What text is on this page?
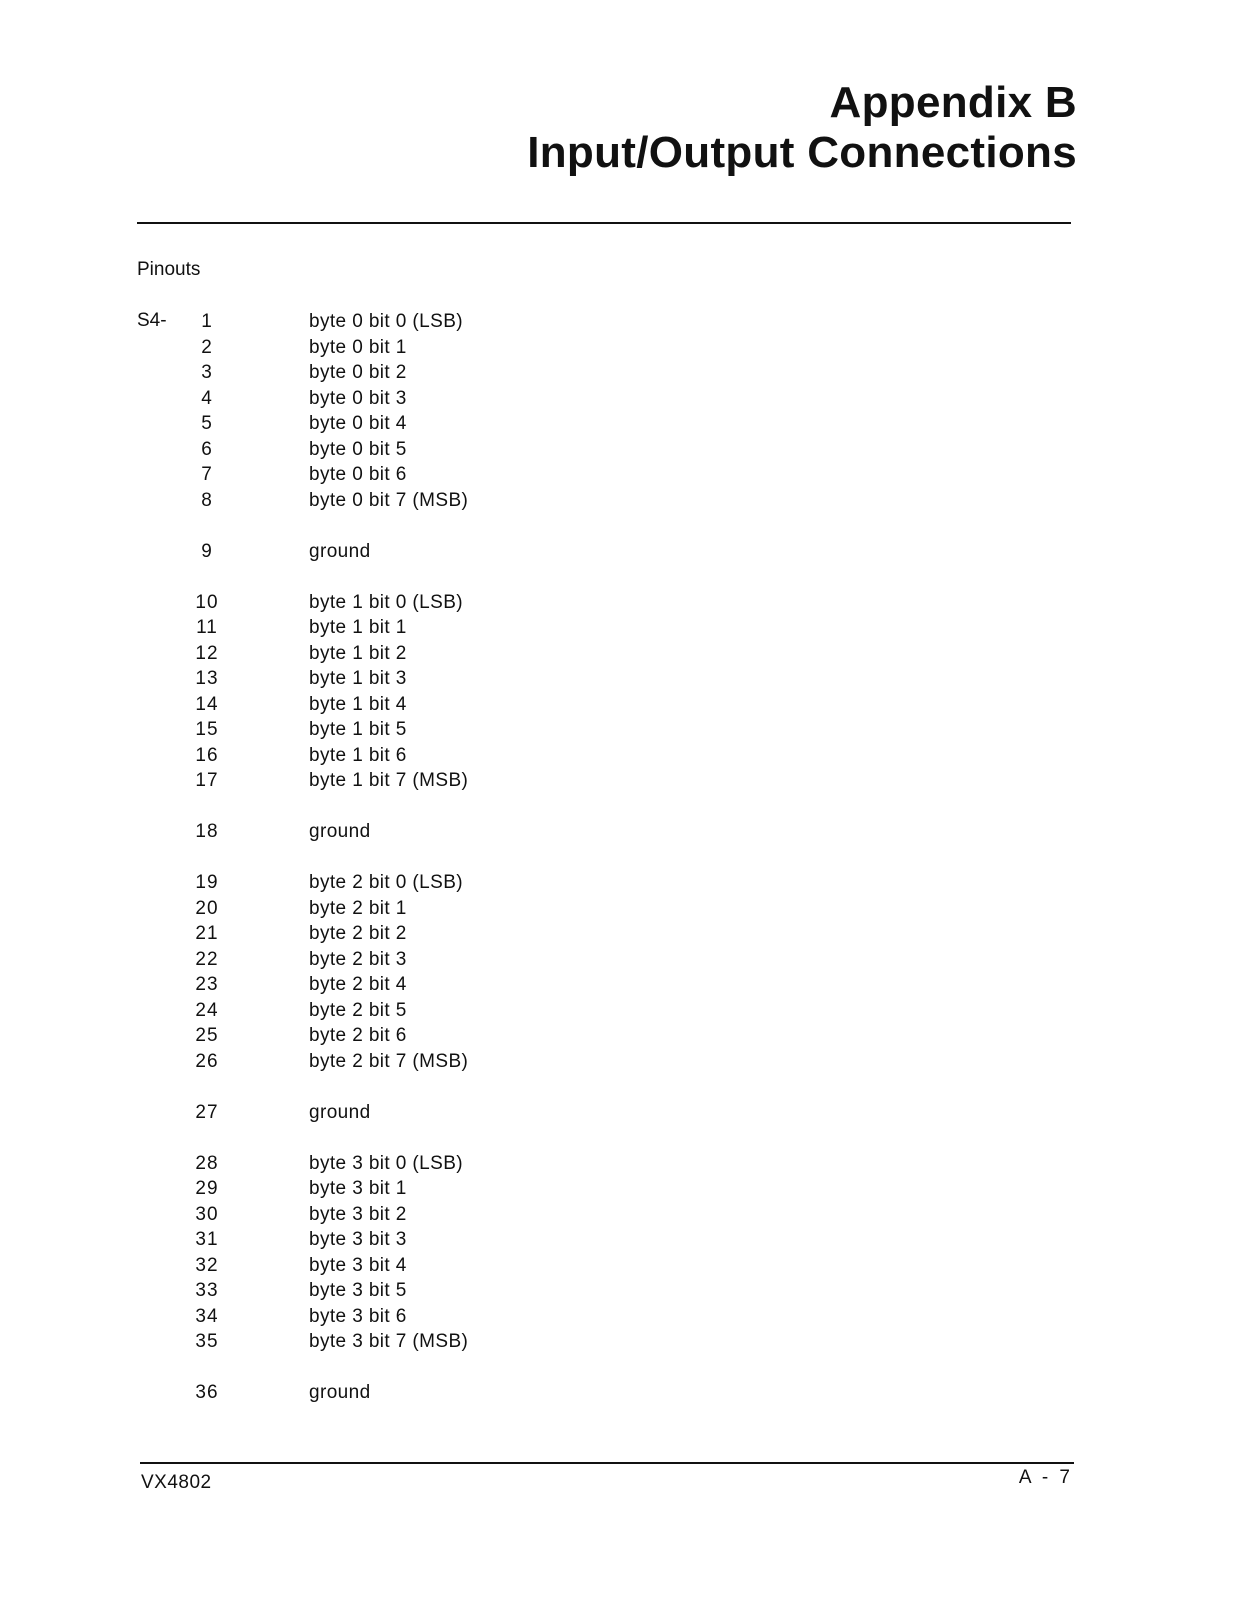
Appendix B
Input/Output Connections
Pinouts
S4-	1	byte 0 bit 0 (LSB)
2	byte 0 bit 1
3	byte 0 bit 2
4	byte 0 bit 3
5	byte 0 bit 4
6	byte 0 bit 5
7	byte 0 bit 6
8	byte 0 bit 7 (MSB)
9	ground
10	byte 1 bit 0 (LSB)
11	byte 1 bit 1
12	byte 1 bit 2
13	byte 1 bit 3
14	byte 1 bit 4
15	byte 1 bit 5
16	byte 1 bit 6
17	byte 1 bit 7 (MSB)
18	ground
19	byte 2 bit 0 (LSB)
20	byte 2 bit 1
21	byte 2 bit 2
22	byte 2 bit 3
23	byte 2 bit 4
24	byte 2 bit 5
25	byte 2 bit 6
26	byte 2 bit 7 (MSB)
27	ground
28	byte 3 bit 0 (LSB)
29	byte 3 bit 1
30	byte 3 bit 2
31	byte 3 bit 3
32	byte 3 bit 4
33	byte 3 bit 5
34	byte 3 bit 6
35	byte 3 bit 7 (MSB)
36	ground
VX4802	A - 7
